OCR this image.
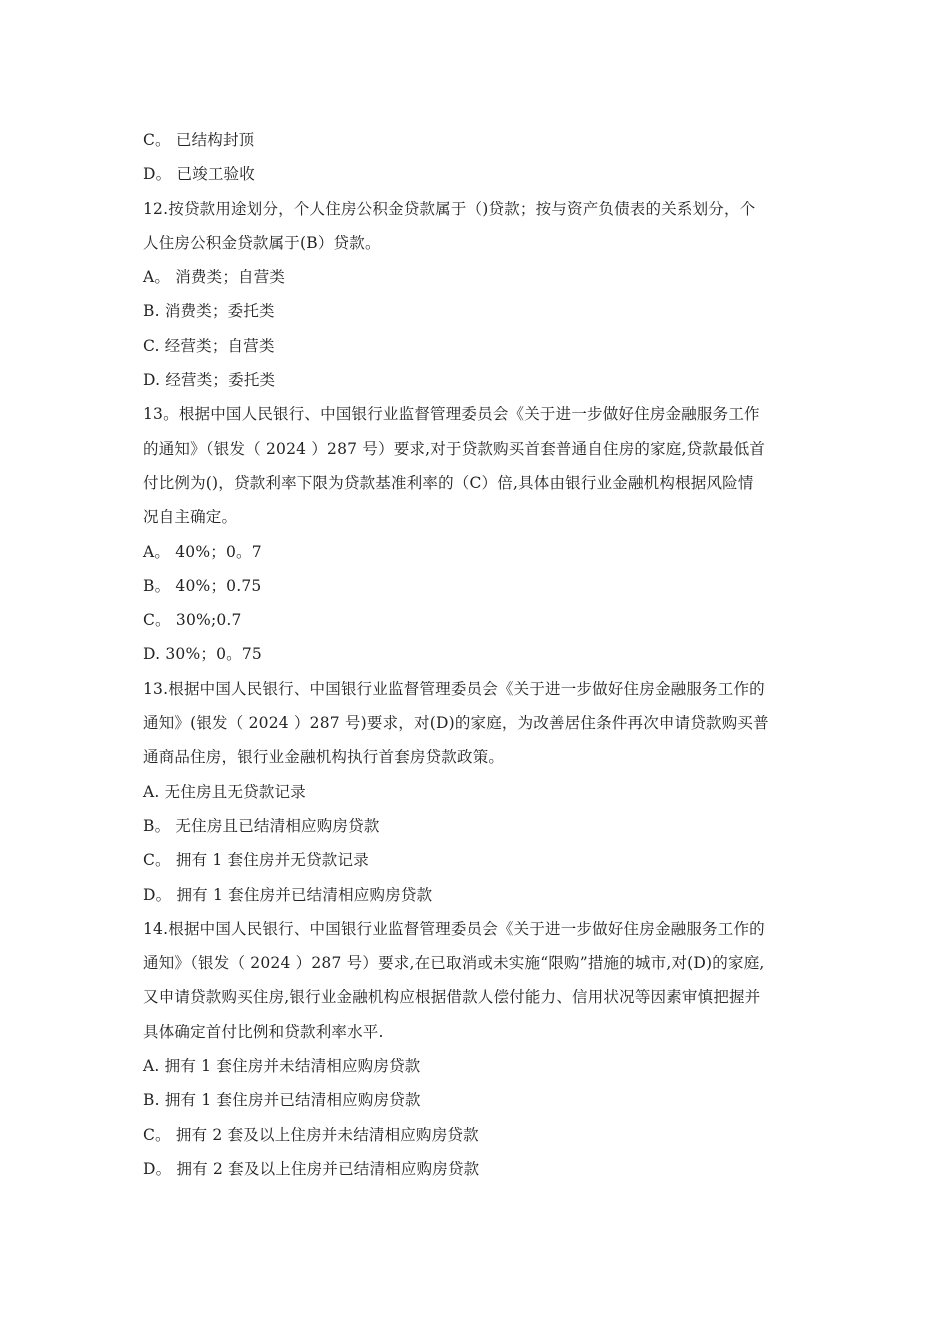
C。 已结构封顶
D。 已竣工验收
12.按贷款用途划分，个人住房公积金贷款属于（)贷款；按与资产负债表的关系划分，个
人住房公积金贷款属于(B）贷款。
A。 消费类；自营类
B. 消费类；委托类
C. 经营类；自营类
D. 经营类；委托类
13。根据中国人民银行、中国银行业监督管理委员会《关于进一步做好住房金融服务工作
的通知》（银发（ 2024 ）287 号）要求,对于贷款购买首套普通自住房的家庭,贷款最低首
付比例为()，贷款利率下限为贷款基准利率的（C）倍,具体由银行业金融机构根据风险情
况自主确定。
A。 40%；0。7
B。 40%；0.75
C。 30%;0.7
D. 30%；0。75
13.根据中国人民银行、中国银行业监督管理委员会《关于进一步做好住房金融服务工作的
通知》(银发（ 2024 ）287 号)要求，对(D)的家庭，为改善居住条件再次申请贷款购买普
通商品住房，银行业金融机构执行首套房贷款政策。
A. 无住房且无贷款记录
B。 无住房且已结清相应购房贷款
C。 拥有 1 套住房并无贷款记录
D。 拥有 1 套住房并已结清相应购房贷款
14.根据中国人民银行、中国银行业监督管理委员会《关于进一步做好住房金融服务工作的
通知》（银发（ 2024 ）287 号）要求,在已取消或未实施“限购”措施的城市,对(D)的家庭,
又申请贷款购买住房,银行业金融机构应根据借款人偿付能力、信用状况等因素审慎把握并
具体确定首付比例和贷款利率水平.
A. 拥有 1 套住房并未结清相应购房贷款
B. 拥有 1 套住房并已结清相应购房贷款
C。 拥有 2 套及以上住房并未结清相应购房贷款
D。 拥有 2 套及以上住房并已结清相应购房贷款
